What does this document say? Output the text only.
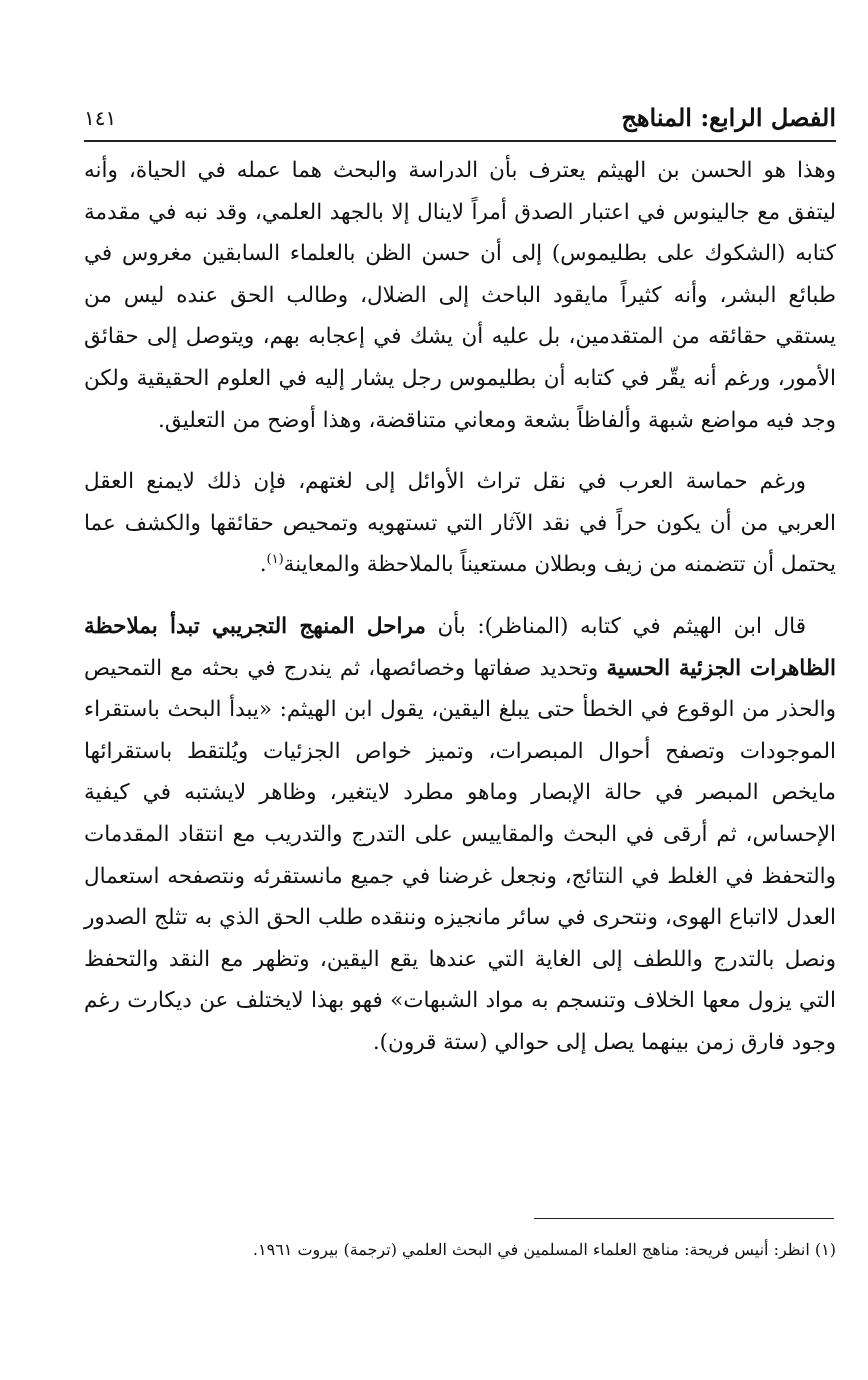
الفصل الرابع: المناهج
١٤١

وهذا هو الحسن بن الهيثم يعترف بأن الدراسة والبحث هما عمله في الحياة، وأنه ليتفق مع جالينوس في اعتبار الصدق أمراً لاينال إلا بالجهد العلمي، وقد نبه في مقدمة كتابه (الشكوك على بطليموس) إلى أن حسن الظن بالعلماء السابقين مغروس في طبائع البشر، وأنه كثيراً مايقود الباحث إلى الضلال، وطالب الحق عنده ليس من يستقي حقائقه من المتقدمين، بل عليه أن يشك في إعجابه بهم، ويتوصل إلى حقائق الأمور، ورغم أنه يقّر في كتابه أن بطليموس رجل يشار إليه في العلوم الحقيقية ولكن وجد فيه مواضع شبهة وألفاظاً بشعة ومعاني متناقضة، وهذا أوضح من التعليق.

ورغم حماسة العرب في نقل تراث الأوائل إلى لغتهم، فإن ذلك لايمنع العقل العربي من أن يكون حراً في نقد الآثار التي تستهويه وتمحيص حقائقها والكشف عما يحتمل أن تتضمنه من زيف وبطلان مستعيناً بالملاحظة والمعاينة$^{(١)}$.

قال ابن الهيثم في كتابه (المناظر): بأن مراحل المنهج التجريبي تبدأ بملاحظة الظاهرات الجزئية الحسية وتحديد صفاتها وخصائصها، ثم يندرج في بحثه مع التمحيص والحذر من الوقوع في الخطأ حتى يبلغ اليقين، يقول ابن الهيثم: «يبدأ البحث باستقراء الموجودات وتصفح أحوال المبصرات، وتميز خواص الجزئيات ويُلتقط باستقرائها مايخص المبصر في حالة الإبصار وماهو مطرد لايتغير، وظاهر لايشتبه في كيفية الإحساس، ثم أرقى في البحث والمقاييس على التدرج والتدريب مع انتقاد المقدمات والتحفظ في الغلط في النتائج، ونجعل غرضنا في جميع مانستقرئه ونتصفحه استعمال العدل لااتباع الهوى، ونتحرى في سائر مانجيزه وننقده طلب الحق الذي به تثلج الصدور ونصل بالتدرج واللطف إلى الغاية التي عندها يقع اليقين، وتظهر مع النقد والتحفظ التي يزول معها الخلاف وتنسجم به مواد الشبهات» فهو بهذا لايختلف عن ديكارت رغم وجود فارق زمن بينهما يصل إلى حوالي (ستة قرون).

(١) انظر: أنيس فريحة: مناهج العلماء المسلمين في البحث العلمي (ترجمة) بيروت ١٩٦١.
